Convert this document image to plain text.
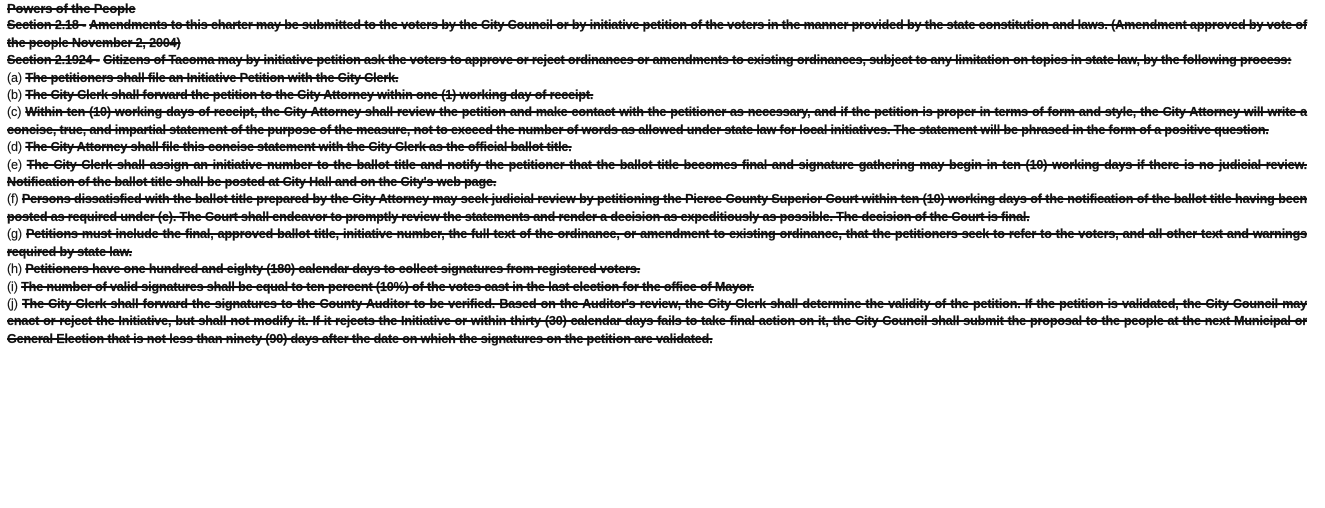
Powers of the People
Section 2.18 - Amendments to this charter may be submitted to the voters by the City Council or by initiative petition of the voters in the manner provided by the state constitution and laws. (Amendment approved by vote of the people November 2, 2004)
Section 2.1924 - Citizens of Tacoma may by initiative petition ask the voters to approve or reject ordinances or amendments to existing ordinances, subject to any limitation on topics in state law, by the following process:
(a) The petitioners shall file an Initiative Petition with the City Clerk.
(b) The City Clerk shall forward the petition to the City Attorney within one (1) working day of receipt.
(c) Within ten (10) working days of receipt, the City Attorney shall review the petition and make contact with the petitioner as necessary, and if the petition is proper in terms of form and style, the City Attorney will write a concise, true, and impartial statement of the purpose of the measure, not to exceed the number of words as allowed under state law for local initiatives. The statement will be phrased in the form of a positive question.
(d) The City Attorney shall file this concise statement with the City Clerk as the official ballot title.
(e) The City Clerk shall assign an initiative number to the ballot title and notify the petitioner that the ballot title becomes final and signature gathering may begin in ten (10) working days if there is no judicial review. Notification of the ballot title shall be posted at City Hall and on the City's web page.
(f) Persons dissatisfied with the ballot title prepared by the City Attorney may seek judicial review by petitioning the Pierce County Superior Court within ten (10) working days of the notification of the ballot title having been posted as required under (e). The Court shall endeavor to promptly review the statements and render a decision as expeditiously as possible. The decision of the Court is final.
(g) Petitions must include the final, approved ballot title, initiative number, the full text of the ordinance, or amendment to existing ordinance, that the petitioners seek to refer to the voters, and all other text and warnings required by state law.
(h) Petitioners have one hundred and eighty (180) calendar days to collect signatures from registered voters.
(i) The number of valid signatures shall be equal to ten percent (10%) of the votes cast in the last election for the office of Mayor.
(j) The City Clerk shall forward the signatures to the County Auditor to be verified. Based on the Auditor's review, the City Clerk shall determine the validity of the petition. If the petition is validated, the City Council may enact or reject the Initiative, but shall not modify it. If it rejects the Initiative or within thirty (30) calendar days fails to take final action on it, the City Council shall submit the proposal to the people at the next Municipal or General Election that is not less than ninety (90) days after the date on which the signatures on the petition are validated.
